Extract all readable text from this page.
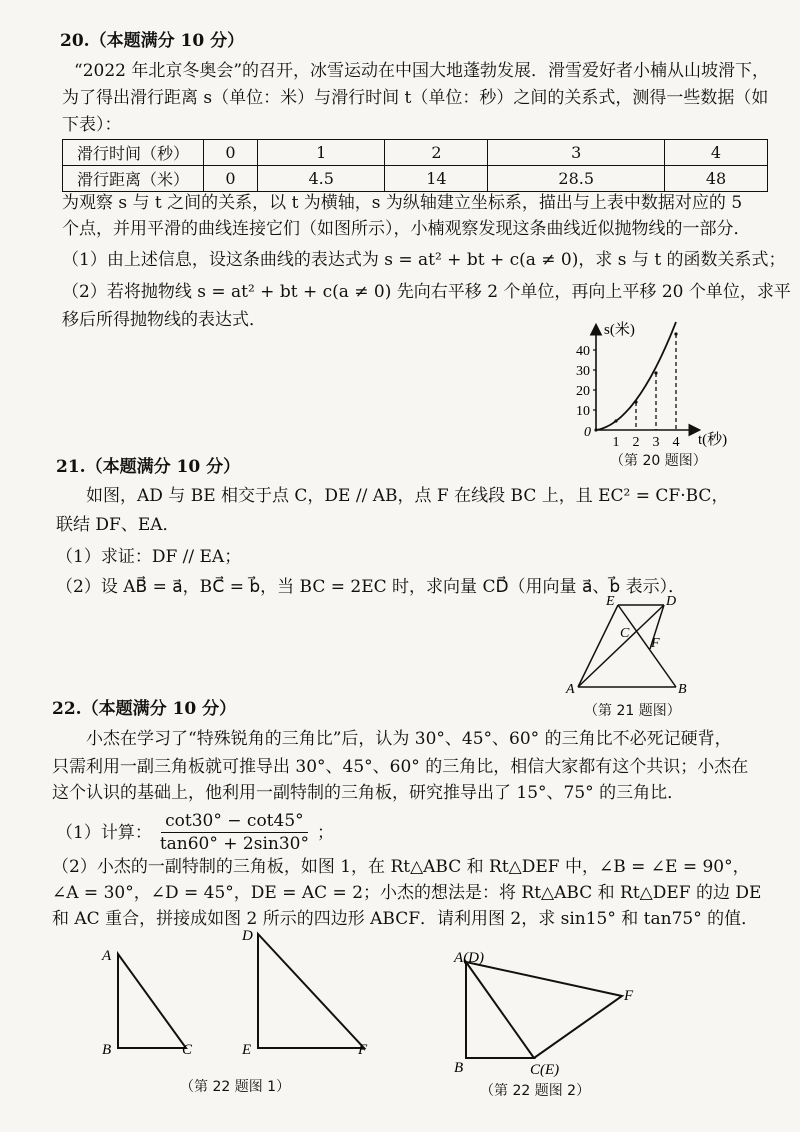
20.（本题满分 10 分）
“2022 年北京冬奥会”的召开，冰雪运动在中国大地蓬勃发展．滑雪爱好者小楠从山坡滑下，
为了得出滑行距离 s（单位：米）与滑行时间 t（单位：秒）之间的关系式，测得一些数据（如
下表）：
滑行时间（秒）	0	1	2	3	4
滑行距离（米）	0	4.5	14	28.5	48
为观察 s 与 t 之间的关系，以 t 为横轴，s 为纵轴建立坐标系，描出与上表中数据对应的 5
个点，并用平滑的曲线连接它们（如图所示），小楠观察发现这条曲线近似抛物线的一部分．
（1）由上述信息，设这条曲线的表达式为 s = at² + bt + c(a ≠ 0)，求 s 与 t 的函数关系式；
（2）若将抛物线 s = at² + bt + c(a ≠ 0) 先向右平移 2 个单位，再向上平移 20 个单位，求平
移后所得抛物线的表达式．
10
20
30
40
1 2 3 4
s(米)
t(秒)
0
（第 20 题图）
21.（本题满分 10 分）
如图，AD 与 BE 相交于点 C，DE // AB，点 F 在线段 BC 上，且 EC² = CF·BC，
联结 DF、EA．
（1）求证：DF // EA；
（2）设 AB⃗ = a⃗，BC⃗ = b⃗，当 BC = 2EC 时，求向量 CD⃗（用向量 a⃗、b⃗ 表示）．
E	D
C
F
A	B
（第 21 题图）
22.（本题满分 10 分）
小杰在学习了“特殊锐角的三角比”后，认为 30°、45°、60° 的三角比不必死记硬背，
只需利用一副三角板就可推导出 30°、45°、60° 的三角比，相信大家都有这个共识；小杰在
这个认识的基础上，他利用一副特制的三角板，研究推导出了 15°、75° 的三角比．
（1）计算： $\frac{\cot 30^\circ - \cot 45^\circ}{\tan 60^\circ + 2\sin 30^\circ}$ ；
（2）小杰的一副特制的三角板，如图 1，在 Rt△ABC 和 Rt△DEF 中，∠B = ∠E = 90°，
∠A = 30°，∠D = 45°，DE = AC = 2；小杰的想法是：将 Rt△ABC 和 Rt△DEF 的边 DE
和 AC 重合，拼接成如图 2 所示的四边形 ABCF．请利用图 2，求 sin15° 和 tan75° 的值．
A
B	C
D
E	F
（第 22 题图 1）
A(D)
F
B	C(E)
（第 22 题图 2）
